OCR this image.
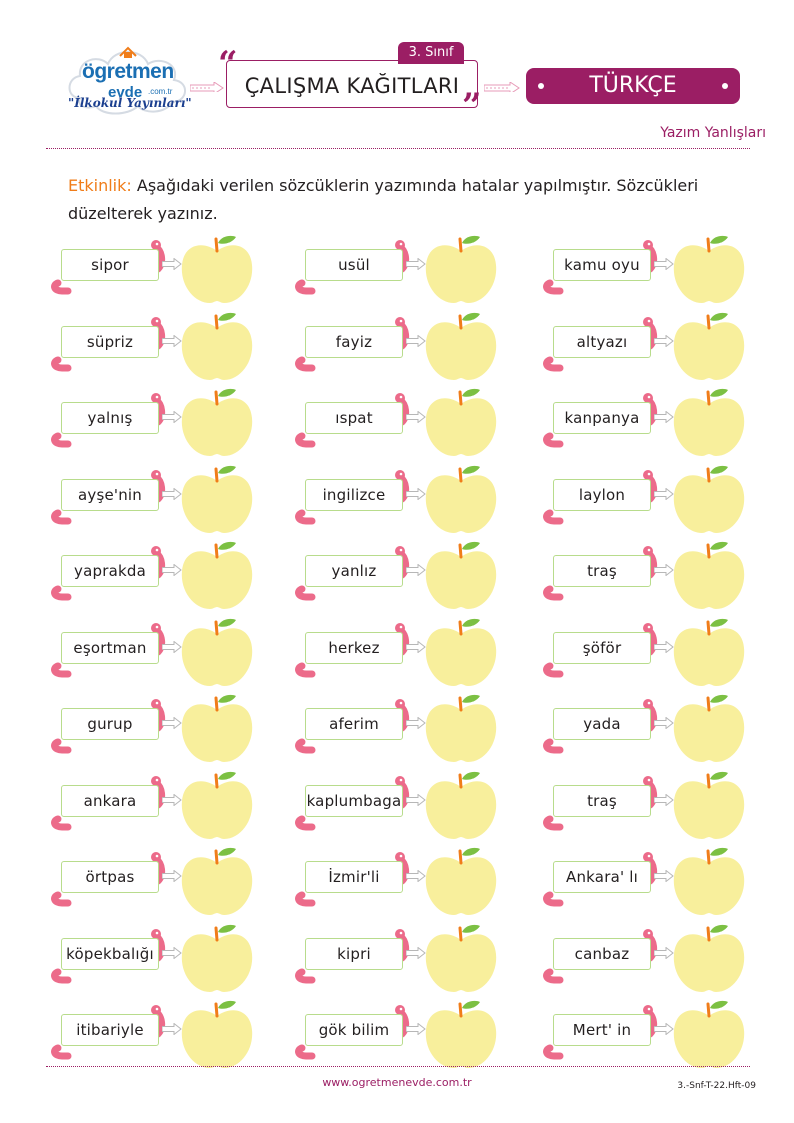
ögretmen
evde .com.tr
"İlkokul Yayınları"
3. Sınıf
“
”
ÇALIŞMA KAĞITLARI	TÜRKÇE
Yazım Yanlışları
Etkinlik: Aşağıdaki verilen sözcüklerin yazımında hatalar yapılmıştır. Sözcükleri düzelterek yazınız.
sipor
süpriz
yalnış
ayşe'nin
yaprakda
eşortman
gurup
ankara
örtpas
köpekbalığı
itibariyle
usül
fayiz
ıspat
ingilizce
yanlız
herkez
aferim
kaplumbaga
İzmir'li
kipri
gök bilim
kamu oyu
altyazı
kanpanya
laylon
traş
şöför
yada
traş
Ankara' lı
canbaz
Mert' in
www.ogretmenevde.com.tr	3.-Snf-T-22.Hft-09
